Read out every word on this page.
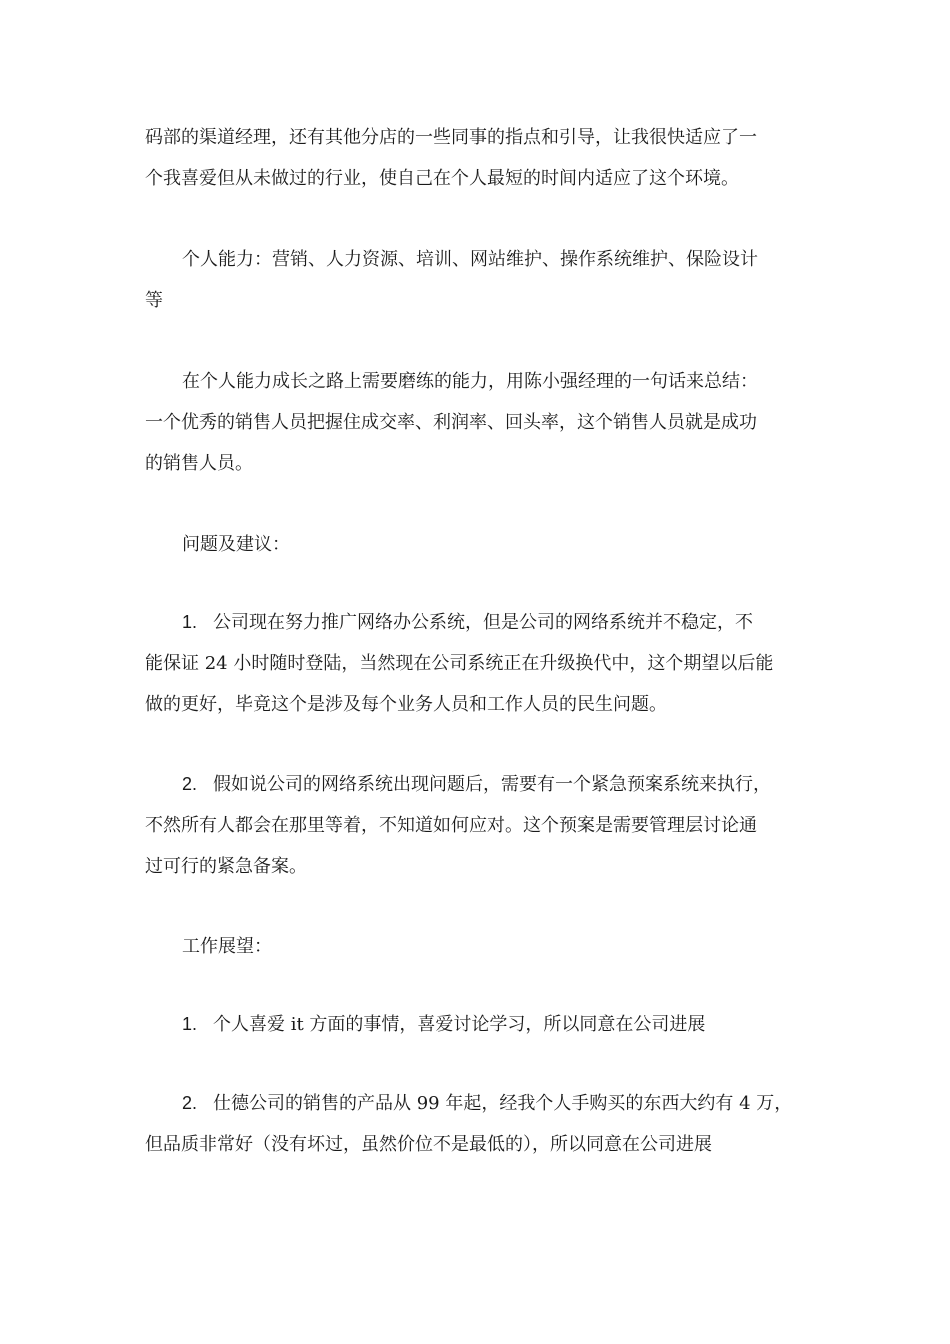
码部的渠道经理，还有其他分店的一些同事的指点和引导，让我很快适应了一
个我喜爱但从未做过的行业，使自己在个人最短的时间内适应了这个环境。

个人能力：营销、人力资源、培训、网站维护、操作系统维护、保险设计
等

在个人能力成长之路上需要磨练的能力，用陈小强经理的一句话来总结：
一个优秀的销售人员把握住成交率、利润率、回头率，这个销售人员就是成功
的销售人员。

问题及建议：

1. 公司现在努力推广网络办公系统，但是公司的网络系统并不稳定，不
能保证 24 小时随时登陆，当然现在公司系统正在升级换代中，这个期望以后能
做的更好，毕竟这个是涉及每个业务人员和工作人员的民生问题。

2. 假如说公司的网络系统出现问题后，需要有一个紧急预案系统来执行，
不然所有人都会在那里等着，不知道如何应对。这个预案是需要管理层讨论通
过可行的紧急备案。

工作展望：

1. 个人喜爱 it 方面的事情，喜爱讨论学习，所以同意在公司进展

2. 仕德公司的销售的产品从 99 年起，经我个人手购买的东西大约有 4 万，
但品质非常好（没有坏过，虽然价位不是最低的），所以同意在公司进展
